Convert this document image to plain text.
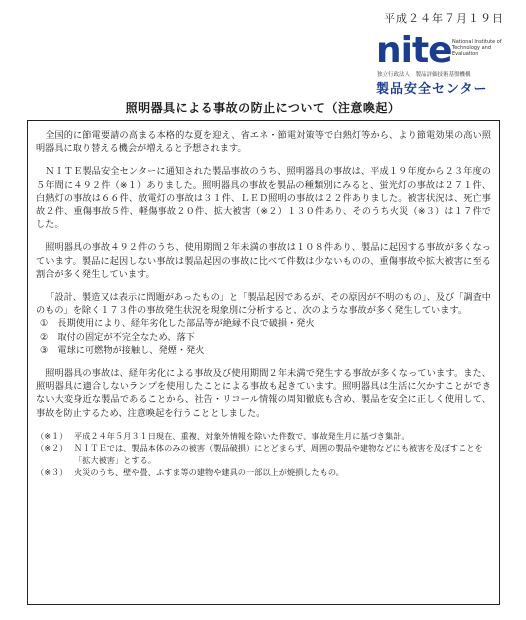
平成２４年７月１９日
nite National Institute of Technology and Evaluation
独立行政法人　製品評価技術基盤機構
製品安全センター
照明器具による事故の防止について（注意喚起）

全国的に節電要請の高まる本格的な夏を迎え、省エネ・節電対策等で白熱灯等から、より節電効果の高い照明器具に取り替える機会が増えると予想されます。

ＮＩＴＥ製品安全センターに通知された製品事故のうち、照明器具の事故は、平成１９年度から２３年度の５年間に４９２件（※１）ありました。照明器具の事故を製品の種類別にみると、蛍光灯の事故は２７１件、白熱灯の事故は６６件、放電灯の事故は３１件、ＬＥＤ照明の事故は２２件ありました。被害状況は、死亡事故２件、重傷事故５件、軽傷事故２０件、拡大被害（※２）１３０件あり、そのうち火災（※３）は１７件でした。

照明器具の事故４９２件のうち、使用期間２年未満の事故は１０８件あり、製品に起因する事故が多くなっています。製品に起因しない事故は製品起因の事故に比べて件数は少ないものの、重傷事故や拡大被害に至る割合が多く発生しています。

「設計、製造又は表示に問題があったもの」と「製品起因であるが、その原因が不明のもの」、及び「調査中のもの」を除く１７３件の事故発生状況を現象別に分析すると、次のような事故が多く発生しています。

①　長期使用により、経年劣化した部品等が絶縁不良で破損・発火
②　取付の固定が不完全なため、落下
③　電球に可燃物が接触し、発煙・発火

照明器具の事故は、経年劣化による事故及び使用期間２年未満で発生する事故が多くなっています。また、照明器具に適合しないランプを使用したことによる事故も起きています。照明器具は生活に欠かすことができない大変身近な製品であることから、社告・リコール情報の周知徹底も含め、製品を安全に正しく使用して、事故を防止するため、注意喚起を行うこととしました。

（※１） 平成２４年５月３１日現在、重複、対象外情報を除いた件数で、事故発生月に基づき集計。
（※２） ＮＩＴＥでは、製品本体のみの被害（製品破損）にとどまらず、周囲の製品や建物などにも被害を及ぼすことを「拡大被害」とする。
（※３） 火災のうち、壁や畳、ふすま等の建物や建具の一部以上が焼損したもの。
